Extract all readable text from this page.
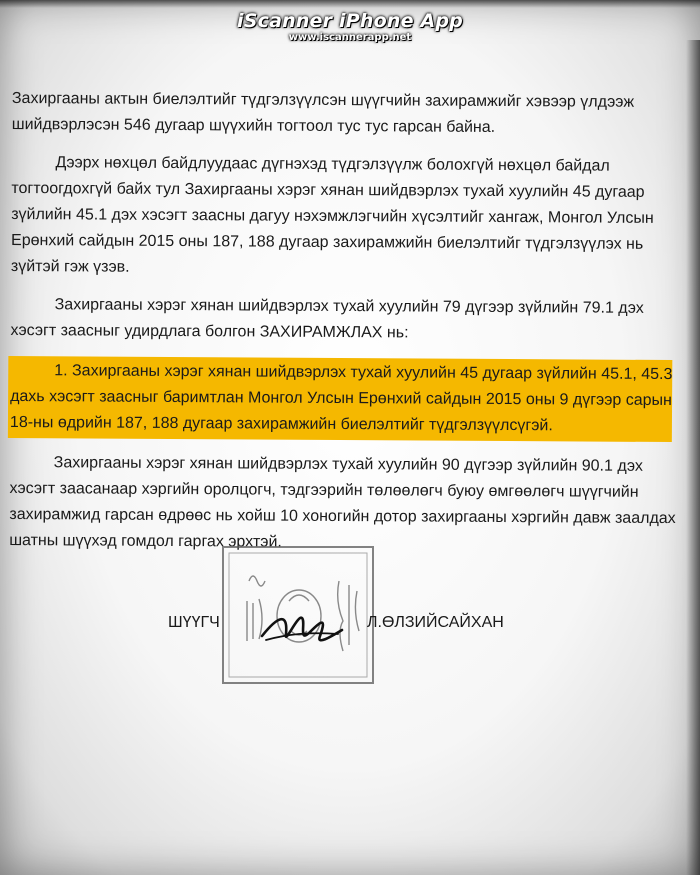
iScanner iPhone App
www.iscannerapp.net
Захиргааны актын биелэлтийг түдгэлзүүлсэн шүүгчийн захирамжийг хэвээр үлдээж
шийдвэрлэсэн 546 дугаар шүүхийн тогтоол тус тус гарсан байна.
Дээрх нөхцөл байдлуудаас дүгнэхэд түдгэлзүүлж болохгүй нөхцөл байдал
тогтоогдохгүй байх тул Захиргааны хэрэг хянан шийдвэрлэх тухай хуулийн 45 дугаар
зүйлийн 45.1 дэх хэсэгт заасны дагуу нэхэмжлэгчийн хүсэлтийг хангаж, Монгол Улсын
Ерөнхий сайдын 2015 оны 187, 188 дугаар захирамжийн биелэлтийг түдгэлзүүлэх нь
зүйтэй гэж үзэв.
Захиргааны хэрэг хянан шийдвэрлэх тухай хуулийн 79 дүгээр зүйлийн 79.1 дэх
хэсэгт заасныг удирдлага болгон ЗАХИРАМЖЛАХ нь:
1. Захиргааны хэрэг хянан шийдвэрлэх тухай хуулийн 45 дугаар зүйлийн 45.1, 45.3
дахь хэсэгт заасныг баримтлан Монгол Улсын Ерөнхий сайдын 2015 оны 9 дүгээр сарын
18-ны өдрийн 187, 188 дугаар захирамжийн биелэлтийг түдгэлзүүлсүгэй.
Захиргааны хэрэг хянан шийдвэрлэх тухай хуулийн 90 дүгээр зүйлийн 90.1 дэх
хэсэгт заасанаар хэргийн оролцогч, тэдгээрийн төлөөлөгч буюу өмгөөлөгч шүүгчийн
захирамжид гарсан өдрөөс нь хойш 10 хоногийн дотор захиргааны хэргийн давж заалдах
шатны шүүхэд гомдол гаргах эрхтэй.
ШҮҮГЧ	Л.ӨЛЗИЙСАЙХАН
